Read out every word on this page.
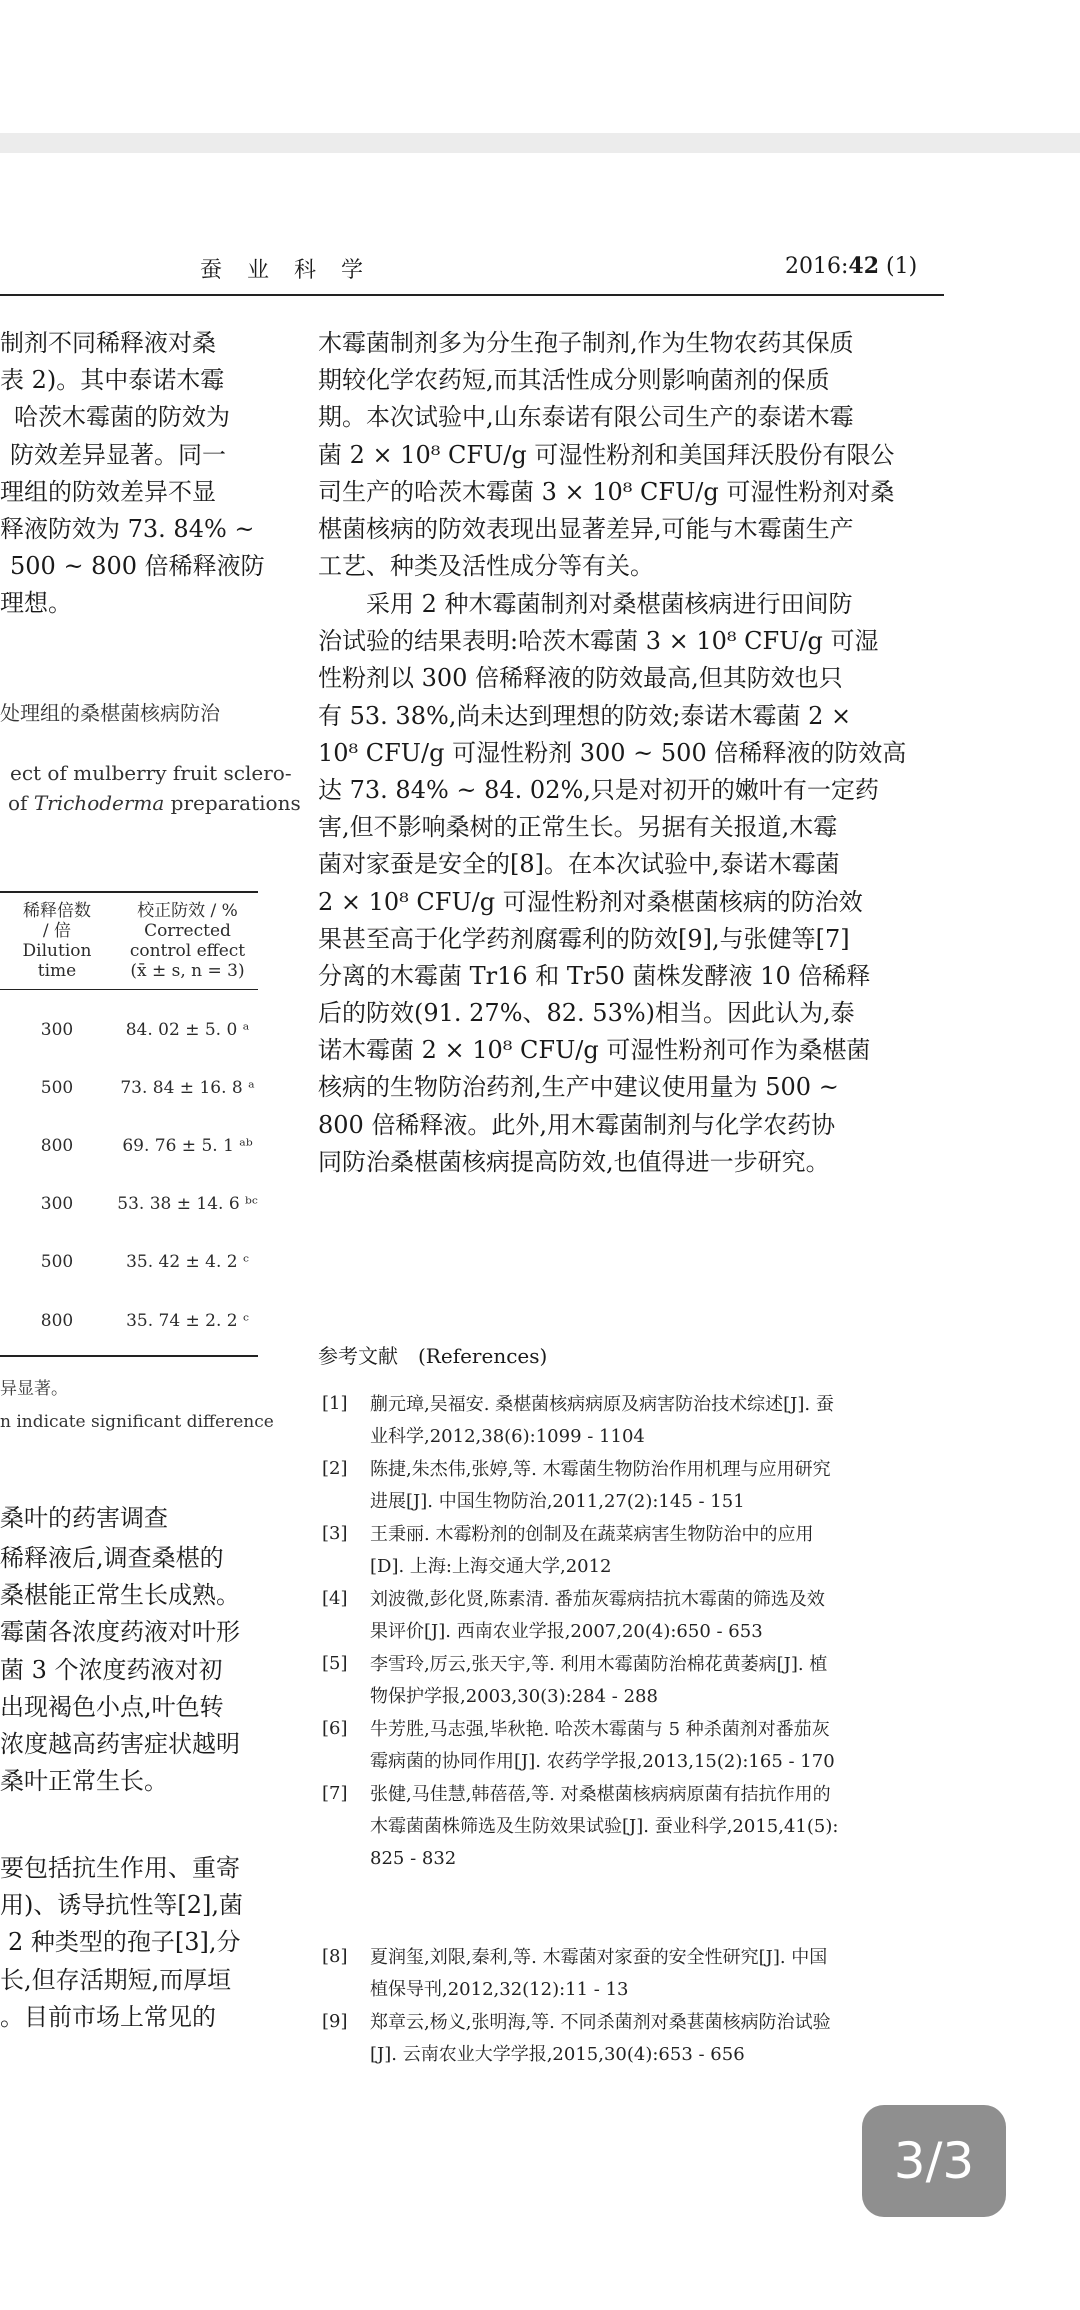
蚕 业 科 学	2016:42 (1)
制剂不同稀释液对桑
表 2)。其中泰诺木霉
哈茨木霉菌的防效为
防效差异显著。同一
理组的防效差异不显
释液防效为 73. 84% ~
500 ~ 800 倍稀释液防
理想。
处理组的桑椹菌核病防治
ect of mulberry fruit sclero-
of Trichoderma preparations
稀释倍数
/ 倍
Dilution
time
校正防效 / %
Corrected
control effect
(x̄ ± s, n = 3)
300	84. 02 ± 5. 0 ᵃ
500	73. 84 ± 16. 8 ᵃ
800	69. 76 ± 5. 1 ᵃᵇ
300	53. 38 ± 14. 6 ᵇᶜ
500	35. 42 ± 4. 2 ᶜ
800	35. 74 ± 2. 2 ᶜ
异显著。
n indicate significant difference
桑叶的药害调查
稀释液后,调查桑椹的
桑椹能正常生长成熟。
霉菌各浓度药液对叶形
菌 3 个浓度药液对初
出现褐色小点,叶色转
浓度越高药害症状越明
桑叶正常生长。
要包括抗生作用、重寄
用)、诱导抗性等[2],菌
2 种类型的孢子[3],分
长,但存活期短,而厚垣
。目前市场上常见的
木霉菌制剂多为分生孢子制剂,作为生物农药其保质
期较化学农药短,而其活性成分则影响菌剂的保质
期。本次试验中,山东泰诺有限公司生产的泰诺木霉
菌 2 × 10⁸ CFU/g 可湿性粉剂和美国拜沃股份有限公
司生产的哈茨木霉菌 3 × 10⁸ CFU/g 可湿性粉剂对桑
椹菌核病的防效表现出显著差异,可能与木霉菌生产
工艺、种类及活性成分等有关。
　　采用 2 种木霉菌制剂对桑椹菌核病进行田间防
治试验的结果表明:哈茨木霉菌 3 × 10⁸ CFU/g 可湿
性粉剂以 300 倍稀释液的防效最高,但其防效也只
有 53. 38%,尚未达到理想的防效;泰诺木霉菌 2 ×
10⁸ CFU/g 可湿性粉剂 300 ~ 500 倍稀释液的防效高
达 73. 84% ~ 84. 02%,只是对初开的嫩叶有一定药
害,但不影响桑树的正常生长。另据有关报道,木霉
菌对家蚕是安全的[8]。在本次试验中,泰诺木霉菌
2 × 10⁸ CFU/g 可湿性粉剂对桑椹菌核病的防治效
果甚至高于化学药剂腐霉利的防效[9],与张健等[7]
分离的木霉菌 Tr16 和 Tr50 菌株发酵液 10 倍稀释
后的防效(91. 27%、82. 53%)相当。因此认为,泰
诺木霉菌 2 × 10⁸ CFU/g 可湿性粉剂可作为桑椹菌
核病的生物防治药剂,生产中建议使用量为 500 ~
800 倍稀释液。此外,用木霉菌制剂与化学农药协
同防治桑椹菌核病提高防效,也值得进一步研究。
参考文献　(References)
[1] 蒯元璋,吴福安. 桑椹菌核病病原及病害防治技术综述[J]. 蚕
业科学,2012,38(6):1099 - 1104
[2] 陈捷,朱杰伟,张婷,等. 木霉菌生物防治作用机理与应用研究
进展[J]. 中国生物防治,2011,27(2):145 - 151
[3] 王秉丽. 木霉粉剂的创制及在蔬菜病害生物防治中的应用
[D]. 上海:上海交通大学,2012
[4] 刘波微,彭化贤,陈素清. 番茄灰霉病拮抗木霉菌的筛选及效
果评价[J]. 西南农业学报,2007,20(4):650 - 653
[5] 李雪玲,厉云,张天宇,等. 利用木霉菌防治棉花黄萎病[J]. 植
物保护学报,2003,30(3):284 - 288
[6] 牛芳胜,马志强,毕秋艳. 哈茨木霉菌与 5 种杀菌剂对番茄灰
霉病菌的协同作用[J]. 农药学学报,2013,15(2):165 - 170
[7] 张健,马佳慧,韩蓓蓓,等. 对桑椹菌核病病原菌有拮抗作用的
木霉菌菌株筛选及生防效果试验[J]. 蚕业科学,2015,41(5):
825 - 832
[8] 夏润玺,刘限,秦利,等. 木霉菌对家蚕的安全性研究[J]. 中国
植保导刊,2012,32(12):11 - 13
[9] 郑章云,杨义,张明海,等. 不同杀菌剂对桑葚菌核病防治试验
[J]. 云南农业大学学报,2015,30(4):653 - 656
3/3
